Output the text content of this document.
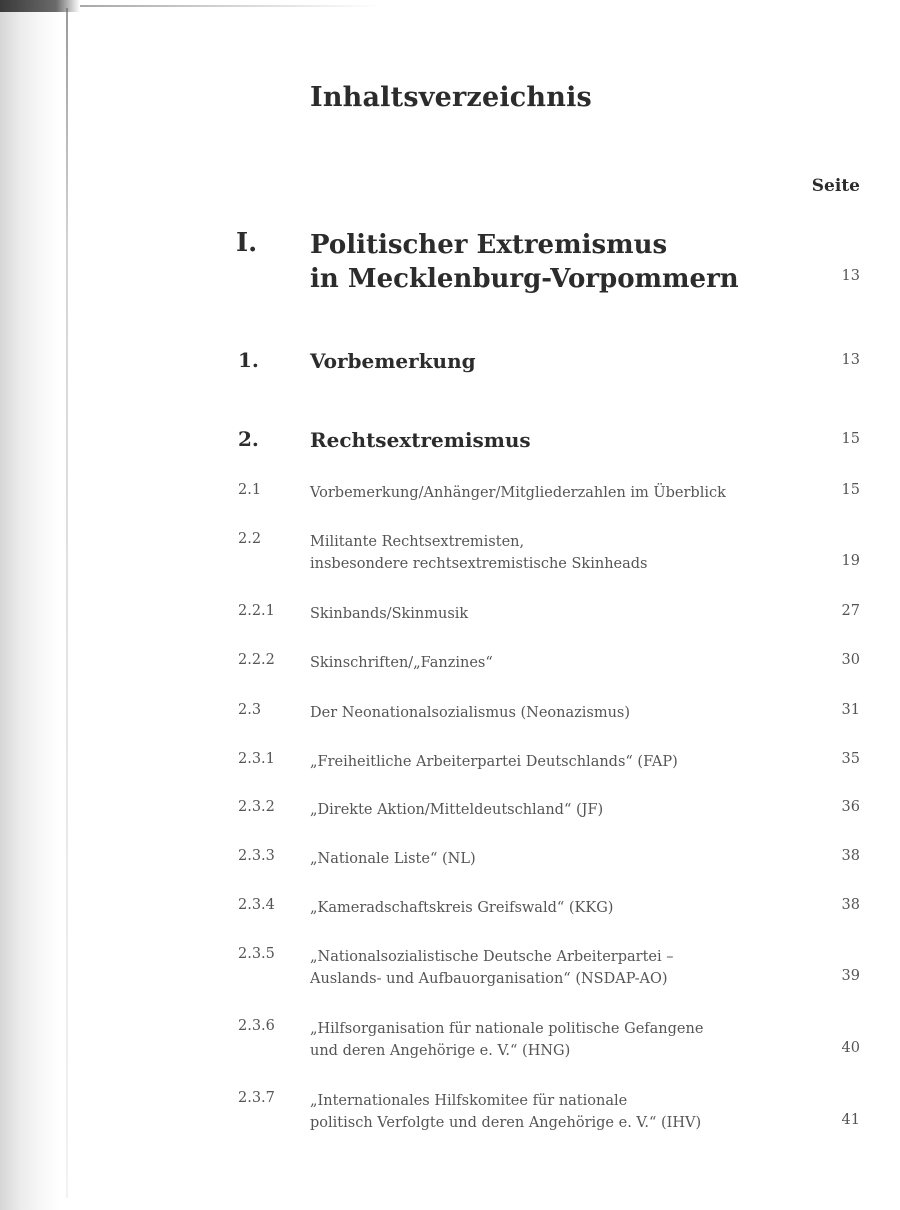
Inhaltsverzeichnis
Seite
I. Politischer Extremismus
in Mecklenburg-Vorpommern	13
1.	Vorbemerkung	13
2.	Rechtsextremismus	15
2.1	Vorbemerkung/Anhänger/Mitgliederzahlen im Überblick	15
2.2	Militante Rechtsextremisten,
insbesondere rechtsextremistische Skinheads	19
2.2.1 Skinbands/Skinmusik	27
2.2.2 Skinschriften/„Fanzines“	30
2.3	Der Neonationalsozialismus (Neonazismus)	31
2.3.1 „Freiheitliche Arbeiterpartei Deutschlands“ (FAP)	35
2.3.2 „Direkte Aktion/Mitteldeutschland“ (JF)	36
2.3.3 „Nationale Liste“ (NL)	38
2.3.4 „Kameradschaftskreis Greifswald“ (KKG)	38
2.3.5 „Nationalsozialistische Deutsche Arbeiterpartei –
Auslands- und Aufbauorganisation“ (NSDAP-AO)	39
2.3.6 „Hilfsorganisation für nationale politische Gefangene
und deren Angehörige e. V.“ (HNG)	40
2.3.7 „Internationales Hilfskomitee für nationale
politisch Verfolgte und deren Angehörige e. V.“ (IHV)	41
